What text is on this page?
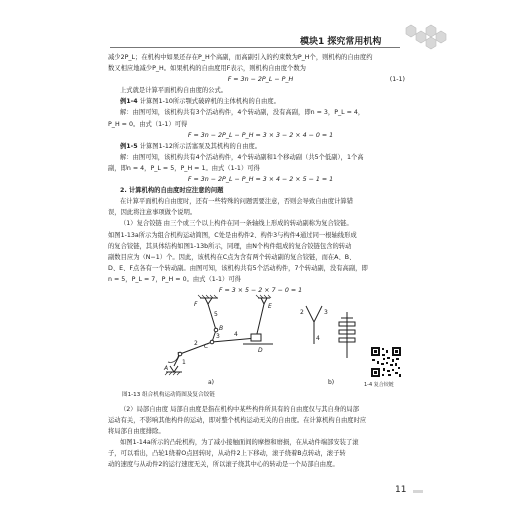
模块1 探究常用机构

减少2P_L；在机构中如果还存在P_H个高副，而高副引入的约束数为P_H个，则机构的自由度约

数又相应地减少P_H。如果机构的自由度用F表示，则机构自由度个数为

F = 3n − 2P_L − P_H	(1-1)

上式就是计算平面机构自由度的公式。

例1-4 计算图1-10所示颚式破碎机的主体机构的自由度。

解：由图可知，该机构共有3个活动构件，4个转动副，没有高副，即n = 3，P_L = 4，

P_H = 0。由式（1-1）可得

F = 3n − 2P_L − P_H = 3 × 3 − 2 × 4 − 0 = 1

例1-5 计算图1-12所示活塞泵及其机构的自由度。

解：由图可知，该机构共有4个活动构件，4个转动副和1个移动副（共5个低副），1个高

副，即n = 4，P_L = 5，P_H = 1。由式（1-1）可得

F = 3n − 2P_L − P_H = 3 × 4 − 2 × 5 − 1 = 1

2. 计算机构的自由度时应注意的问题

在计算平面机构自由度时，还有一些特殊的问题需要注意，否则会导致自由度计算错

误，因此将注意事项做个说明。

（1）复合铰链 由三个或三个以上构件在同一条轴线上形成的转动副称为复合铰链。

如图1-13a所示为组合机构运动简图，C处是由构件2、构件3与构件4通过同一根轴线形成

的复合铰链，其具体结构如图1-13b所示，同理，由N个构件组成的复合铰链包含的转动

副数目应为（N−1）个。因此，该机构在C点为含有两个转动副的复合铰链，而在A、B、

D、E、F点各有一个转动副。由图可知，该机构共有5个活动构件，7个转动副，没有高副，即

n = 5，P_L = 7，P_H = 0。由式（1-1）可得

F = 3 × 5 − 2 × 7 − 0 = 1

F	E
B
C
D
A
1
2
5
3 4
2	3
4
a)	b)
图1-13 组合机构运动简图及复合铰链
1-4 复合铰链

（2）局部自由度 局部自由度是指在机构中某些构件所具有的自由度仅与其自身的局部

运动有关，不影响其他构件的运动，即对整个机构运动无关的自由度。在计算机构自由度时应

将局部自由度排除。

如图1-14a所示的凸轮机构，为了减小接触面间的摩擦和磨损，在从动件端部安装了滚

子，可以看出，凸轮1绕着O点回转时，从动件2上下移动，滚子绕着B点转动，滚子转

动的速度与从动件2的运行速度无关，所以滚子绕其中心的转动是一个局部自由度。

11
